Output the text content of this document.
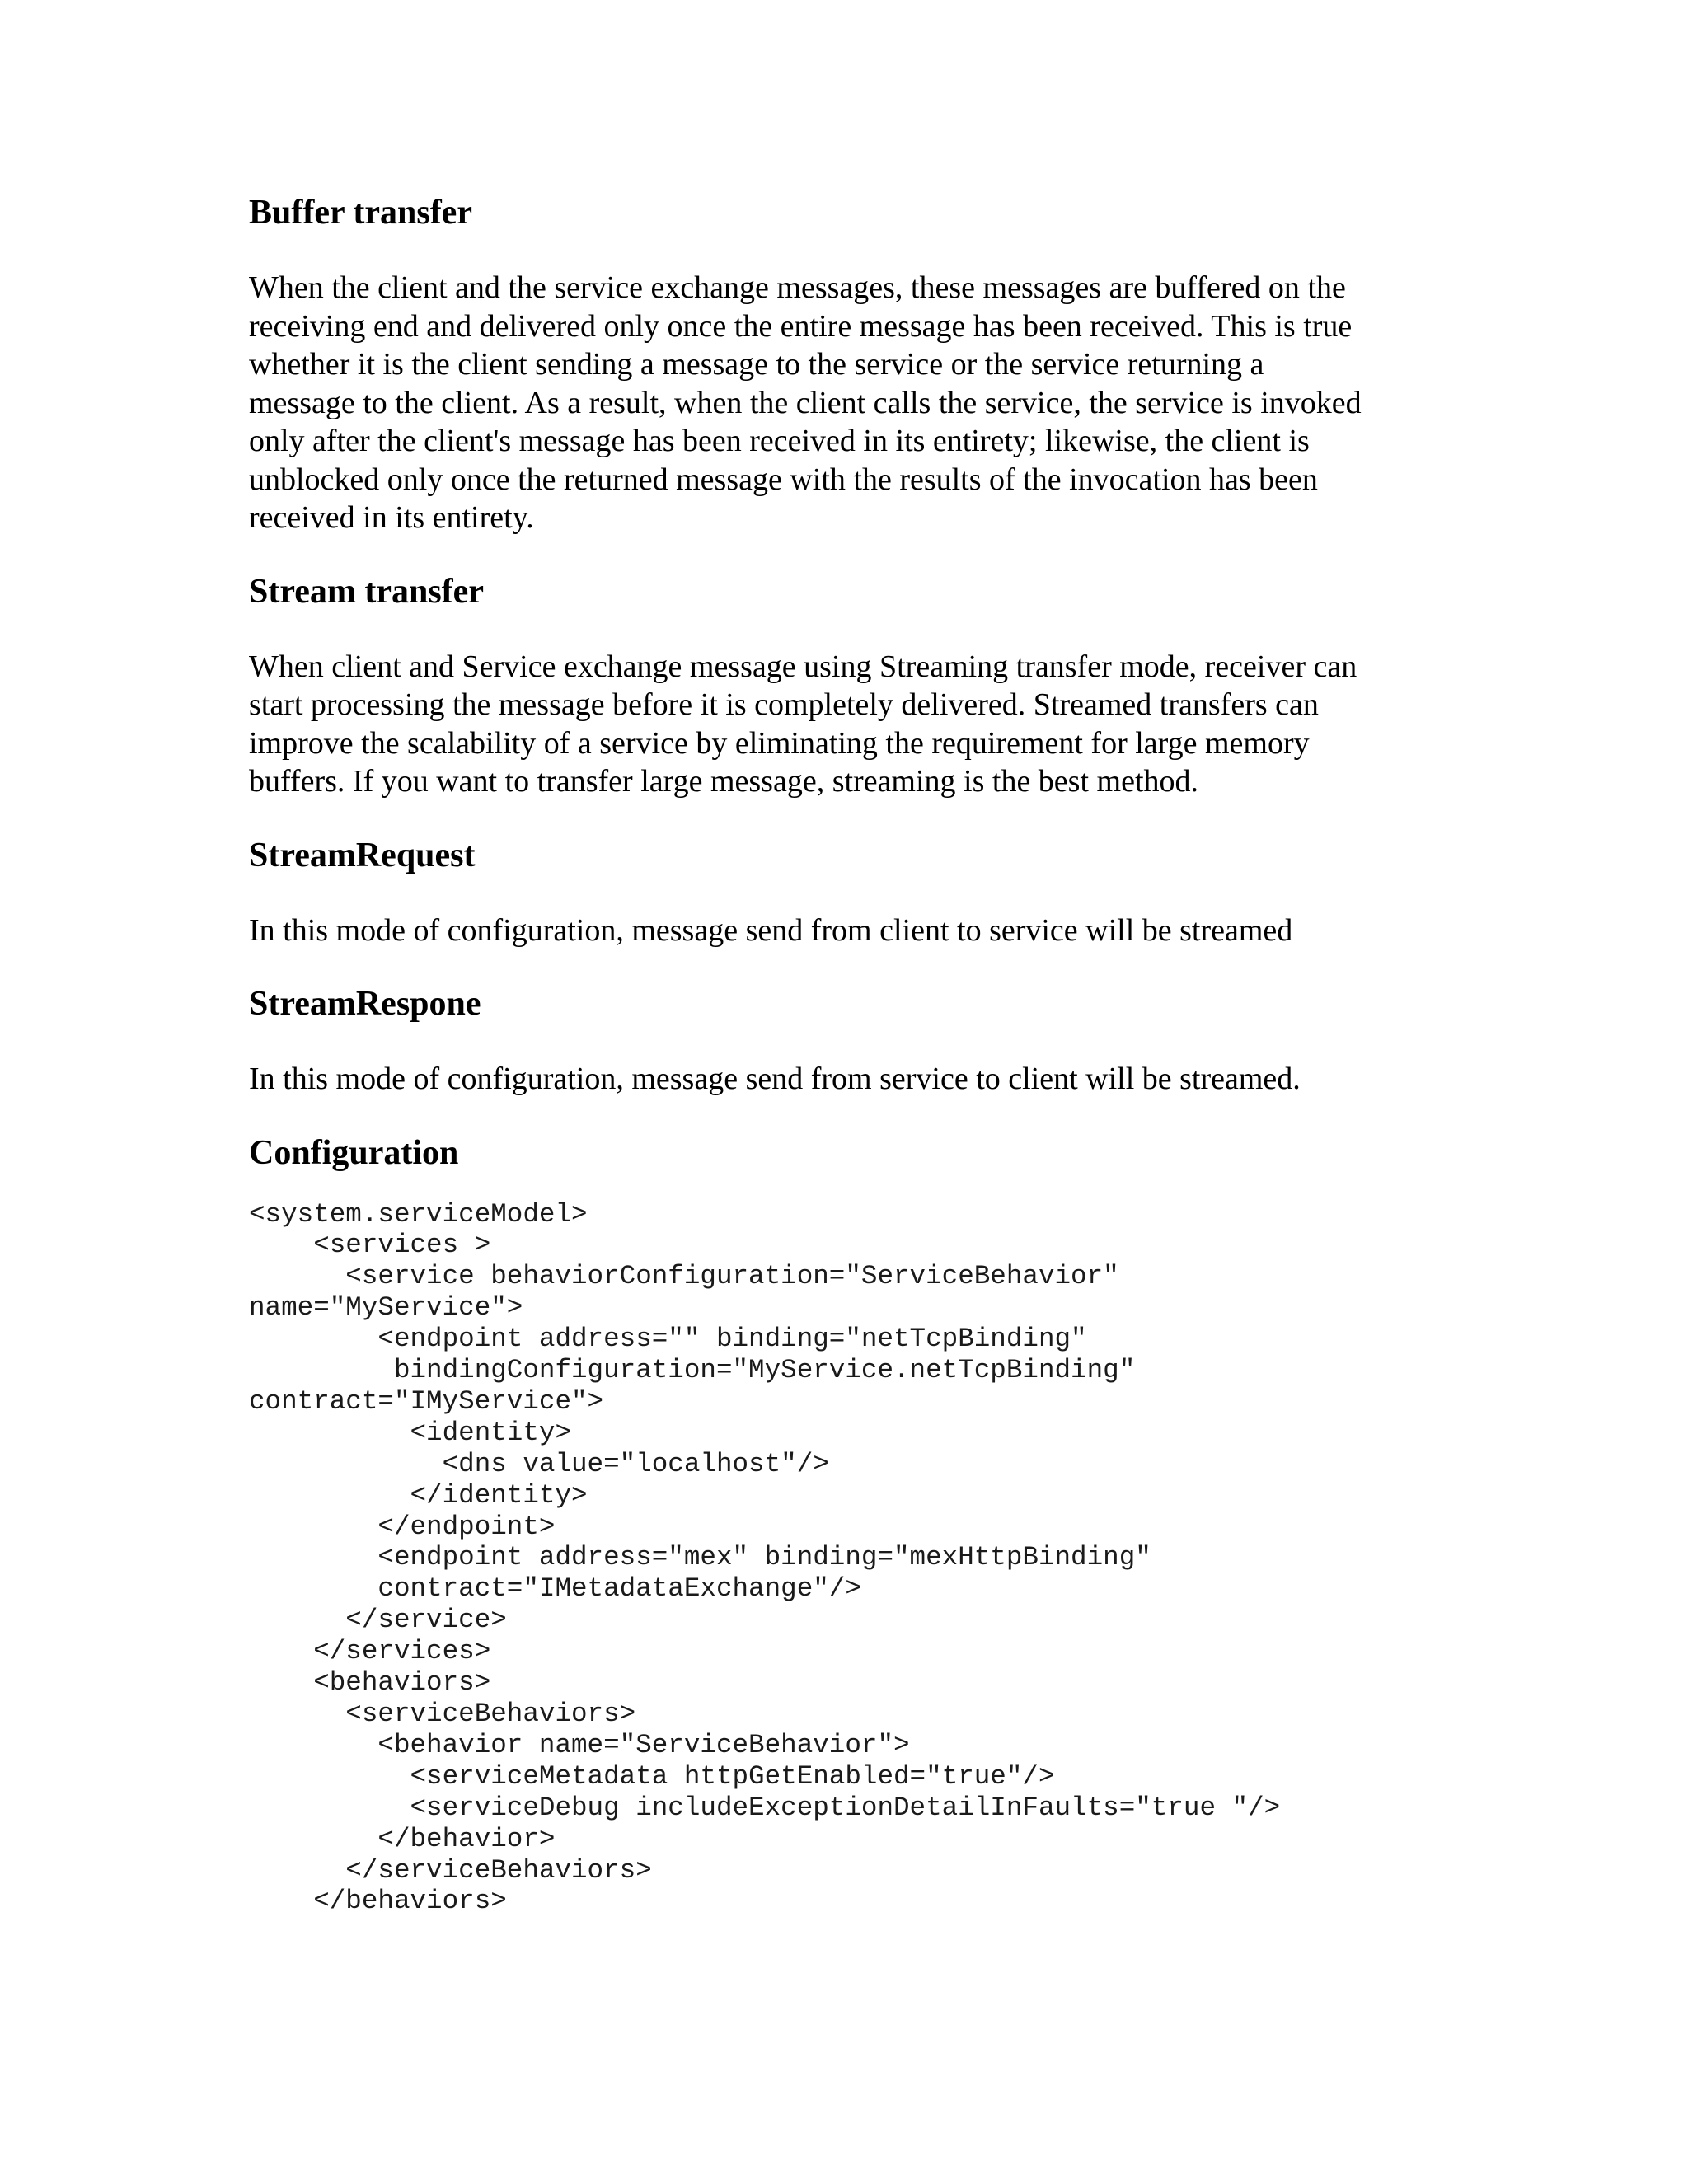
Buffer transfer

When the client and the service exchange messages, these messages are buffered on the
receiving end and delivered only once the entire message has been received. This is true
whether it is the client sending a message to the service or the service returning a
message to the client. As a result, when the client calls the service, the service is invoked
only after the client's message has been received in its entirety; likewise, the client is
unblocked only once the returned message with the results of the invocation has been
received in its entirety.

Stream transfer

When client and Service exchange message using Streaming transfer mode, receiver can
start processing the message before it is completely delivered. Streamed transfers can
improve the scalability of a service by eliminating the requirement for large memory
buffers. If you want to transfer large message, streaming is the best method.

StreamRequest

In this mode of configuration, message send from client to service will be streamed

StreamRespone

In this mode of configuration, message send from service to client will be streamed.

Configuration
<system.serviceModel>
<services >
<service behaviorConfiguration="ServiceBehavior"
name="MyService">
<endpoint address="" binding="netTcpBinding"
bindingConfiguration="MyService.netTcpBinding"
contract="IMyService">
<identity>
<dns value="localhost"/>
</identity>
</endpoint>
<endpoint address="mex" binding="mexHttpBinding"
contract="IMetadataExchange"/>
</service>
</services>
<behaviors>
<serviceBehaviors>
<behavior name="ServiceBehavior">
<serviceMetadata httpGetEnabled="true"/>
<serviceDebug includeExceptionDetailInFaults="true "/>
</behavior>
</serviceBehaviors>
</behaviors>
